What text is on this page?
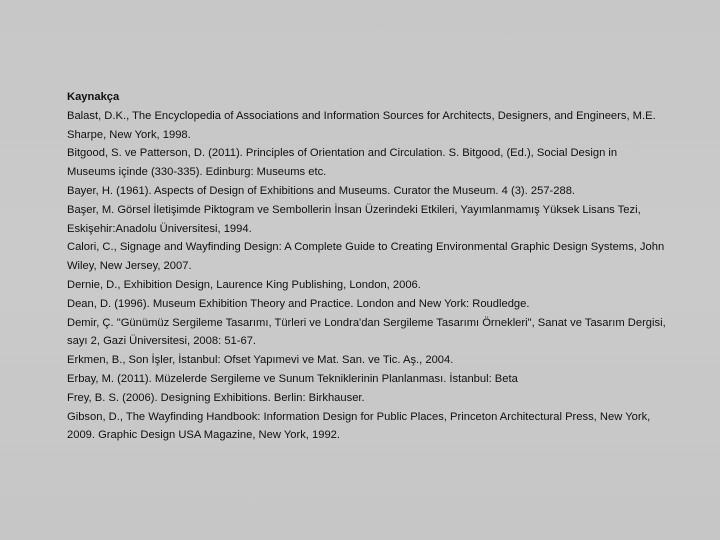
Kaynakça

Balast, D.K., The Encyclopedia of Associations and Information Sources for Architects, Designers, and Engineers, M.E. Sharpe, New York, 1998.

Bitgood, S. ve Patterson, D. (2011). Principles of Orientation and Circulation. S. Bitgood, (Ed.), Social Design in Museums içinde (330-335). Edinburg: Museums etc.

Bayer, H. (1961). Aspects of Design of Exhibitions and Museums. Curator the Museum. 4 (3). 257-288.

Başer, M. Görsel İletişimde Piktogram ve Sembollerin İnsan Üzerindeki Etkileri, Yayımlanmamış Yüksek Lisans Tezi, Eskişehir:Anadolu Üniversitesi, 1994.

Calori, C., Signage and Wayfinding Design: A Complete Guide to Creating Environmental Graphic Design Systems, John Wiley, New Jersey, 2007.

Dernie, D., Exhibition Design, Laurence King Publishing, London, 2006.

Dean, D. (1996). Museum Exhibition Theory and Practice. London and New York: Roudledge.

Demir, Ç. "Günümüz Sergileme Tasarımı, Türleri ve Londra'dan Sergileme Tasarımı Örnekleri", Sanat ve Tasarım Dergisi, sayı 2, Gazi Üniversitesi, 2008: 51-67.

Erkmen, B., Son İşler, İstanbul: Ofset Yapımevi ve Mat. San. ve Tic. Aş., 2004.

Erbay, M. (2011). Müzelerde Sergileme ve Sunum Tekniklerinin Planlanması. İstanbul: Beta

Frey, B. S. (2006). Designing Exhibitions. Berlin: Birkhauser.

Gibson, D., The Wayfinding Handbook: Information Design for Public Places, Princeton Architectural Press, New York, 2009. Graphic Design USA Magazine, New York, 1992.
